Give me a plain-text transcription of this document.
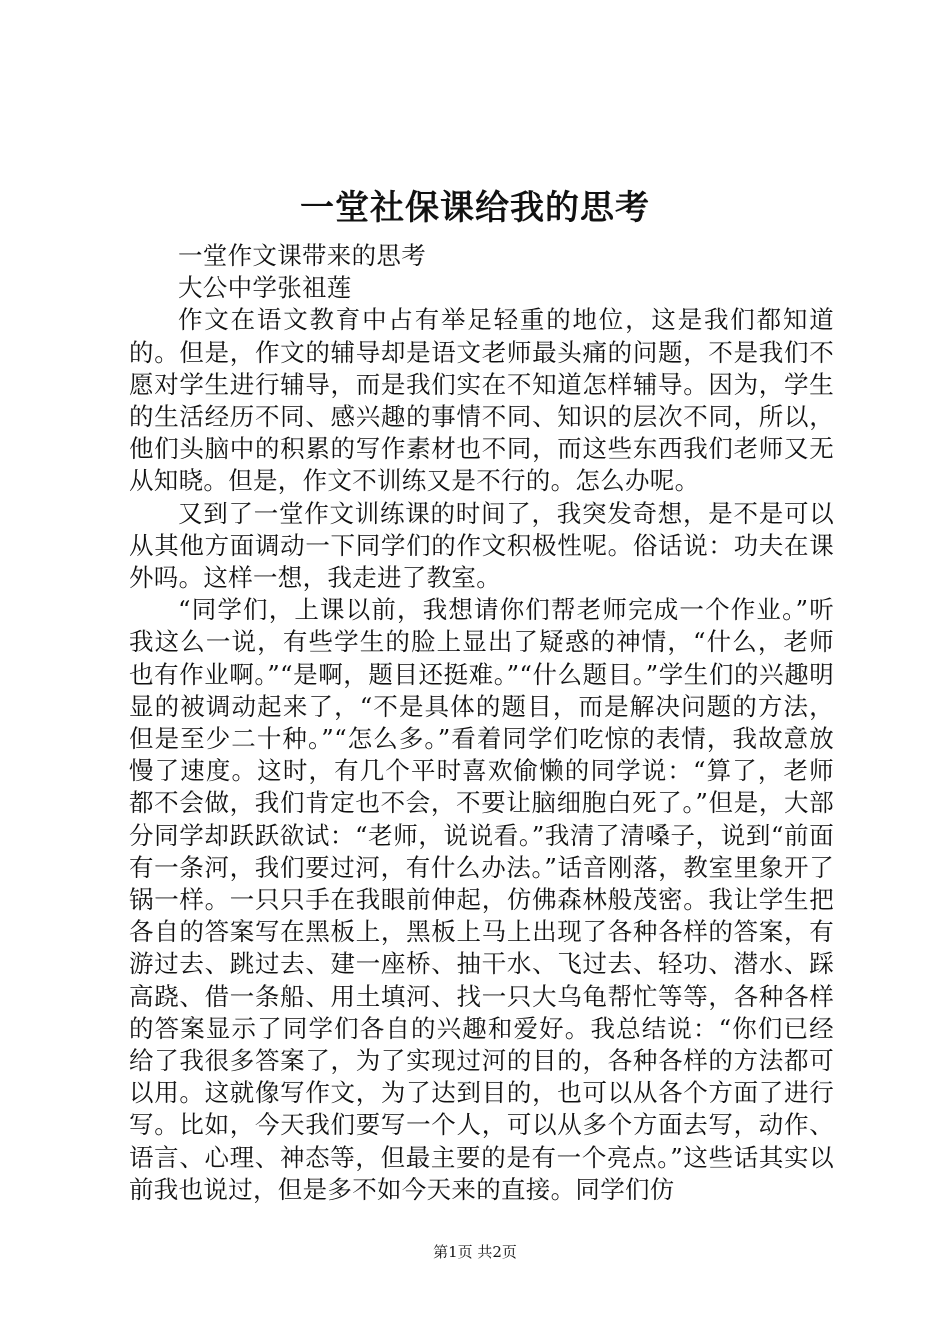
一堂社保课给我的思考

一堂作文课带来的思考

大公中学张祖莲

作文在语文教育中占有举足轻重的地位，这是我们都知道的。但是，作文的辅导却是语文老师最头痛的问题，不是我们不愿对学生进行辅导，而是我们实在不知道怎样辅导。因为，学生的生活经历不同、感兴趣的事情不同、知识的层次不同，所以，他们头脑中的积累的写作素材也不同，而这些东西我们老师又无从知晓。但是，作文不训练又是不行的。怎么办呢。

又到了一堂作文训练课的时间了，我突发奇想，是不是可以从其他方面调动一下同学们的作文积极性呢。俗话说：功夫在课外吗。这样一想，我走进了教室。

“同学们，上课以前，我想请你们帮老师完成一个作业。”听我这么一说，有些学生的脸上显出了疑惑的神情，“什么，老师也有作业啊。”“是啊，题目还挺难。”“什么题目。”学生们的兴趣明显的被调动起来了，“不是具体的题目，而是解决问题的方法，但是至少二十种。”“怎么多。”看着同学们吃惊的表情，我故意放慢了速度。这时，有几个平时喜欢偷懒的同学说：“算了，老师都不会做，我们肯定也不会，不要让脑细胞白死了。”但是，大部分同学却跃跃欲试：“老师，说说看。”我清了清嗓子，说到“前面有一条河，我们要过河，有什么办法。”话音刚落，教室里象开了锅一样。一只只手在我眼前伸起，仿佛森林般茂密。我让学生把各自的答案写在黑板上，黑板上马上出现了各种各样的答案，有游过去、跳过去、建一座桥、抽干水、飞过去、轻功、潜水、踩高跷、借一条船、用土填河、找一只大乌龟帮忙等等，各种各样的答案显示了同学们各自的兴趣和爱好。我总结说：“你们已经给了我很多答案了，为了实现过河的目的，各种各样的方法都可以用。这就像写作文，为了达到目的，也可以从各个方面了进行写。比如，今天我们要写一个人，可以从多个方面去写，动作、语言、心理、神态等，但最主要的是有一个亮点。”这些话其实以前我也说过，但是多不如今天来的直接。同学们仿

第1页 共2页
